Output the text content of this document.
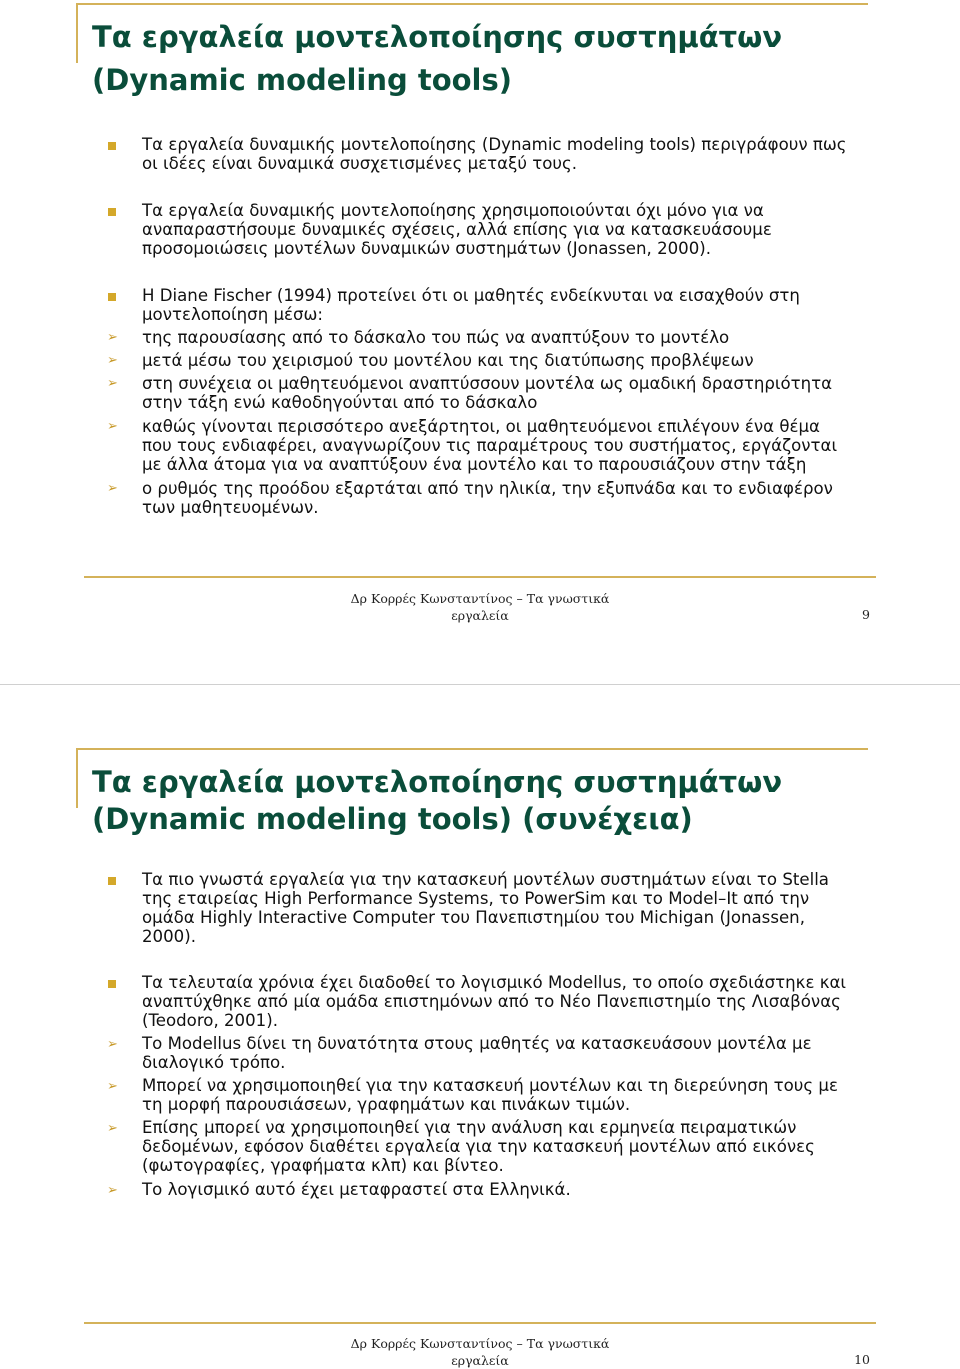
Τα εργαλεία μοντελοποίησης συστημάτων (Dynamic modeling tools)
Τα εργαλεία δυναμικής μοντελοποίησης (Dynamic modeling tools) περιγράφουν πως οι ιδέες είναι δυναμικά συσχετισμένες μεταξύ τους.
Τα εργαλεία δυναμικής μοντελοποίησης χρησιμοποιούνται όχι μόνο για να αναπαραστήσουμε δυναμικές σχέσεις, αλλά επίσης για να κατασκευάσουμε προσομοιώσεις μοντέλων δυναμικών συστημάτων (Jonassen, 2000).
Η Diane Fischer (1994) προτείνει ότι οι μαθητές ενδείκνυται να εισαχθούν στη μοντελοποίηση μέσω:
➢ της παρουσίασης από το δάσκαλο του πώς να αναπτύξουν το μοντέλο
➢ μετά μέσω του χειρισμού του μοντέλου και της διατύπωσης προβλέψεων
➢ στη συνέχεια οι μαθητευόμενοι αναπτύσσουν μοντέλα ως ομαδική δραστηριότητα στην τάξη ενώ καθοδηγούνται από το δάσκαλο
➢ καθώς γίνονται περισσότερο ανεξάρτητοι, οι μαθητευόμενοι επιλέγουν ένα θέμα που τους ενδιαφέρει, αναγνωρίζουν τις παραμέτρους του συστήματος, εργάζονται με άλλα άτομα για να αναπτύξουν ένα μοντέλο και το παρουσιάζουν στην τάξη
➢ ο ρυθμός της προόδου εξαρτάται από την ηλικία, την εξυπνάδα και το ενδιαφέρον των μαθητευομένων.
Δρ Κορρές Κωνσταντίνος – Τα γνωστικά
εργαλεία	9
Τα εργαλεία μοντελοποίησης συστημάτων (Dynamic modeling tools) (συνέχεια)
Τα πιο γνωστά εργαλεία για την κατασκευή μοντέλων συστημάτων είναι το Stella της εταιρείας High Performance Systems, το PowerSim και το Model–It από την ομάδα Highly Interactive Computer του Πανεπιστημίου του Michigan (Jonassen, 2000).
Τα τελευταία χρόνια έχει διαδοθεί το λογισμικό Modellus, το οποίο σχεδιάστηκε και αναπτύχθηκε από μία ομάδα επιστημόνων από το Νέο Πανεπιστημίο της Λισαβόνας (Teodoro, 2001).
➢ Το Modellus δίνει τη δυνατότητα στους μαθητές να κατασκευάσουν μοντέλα με διαλογικό τρόπο.
➢ Μπορεί να χρησιμοποιηθεί για την κατασκευή μοντέλων και τη διερεύνηση τους με τη μορφή παρουσιάσεων, γραφημάτων και πινάκων τιμών.
➢ Επίσης μπορεί να χρησιμοποιηθεί για την ανάλυση και ερμηνεία πειραματικών δεδομένων, εφόσον διαθέτει εργαλεία για την κατασκευή μοντέλων από εικόνες (φωτογραφίες, γραφήματα κλπ) και βίντεο.
➢ Το λογισμικό αυτό έχει μεταφραστεί στα Ελληνικά.
Δρ Κορρές Κωνσταντίνος – Τα γνωστικά
εργαλεία	10
